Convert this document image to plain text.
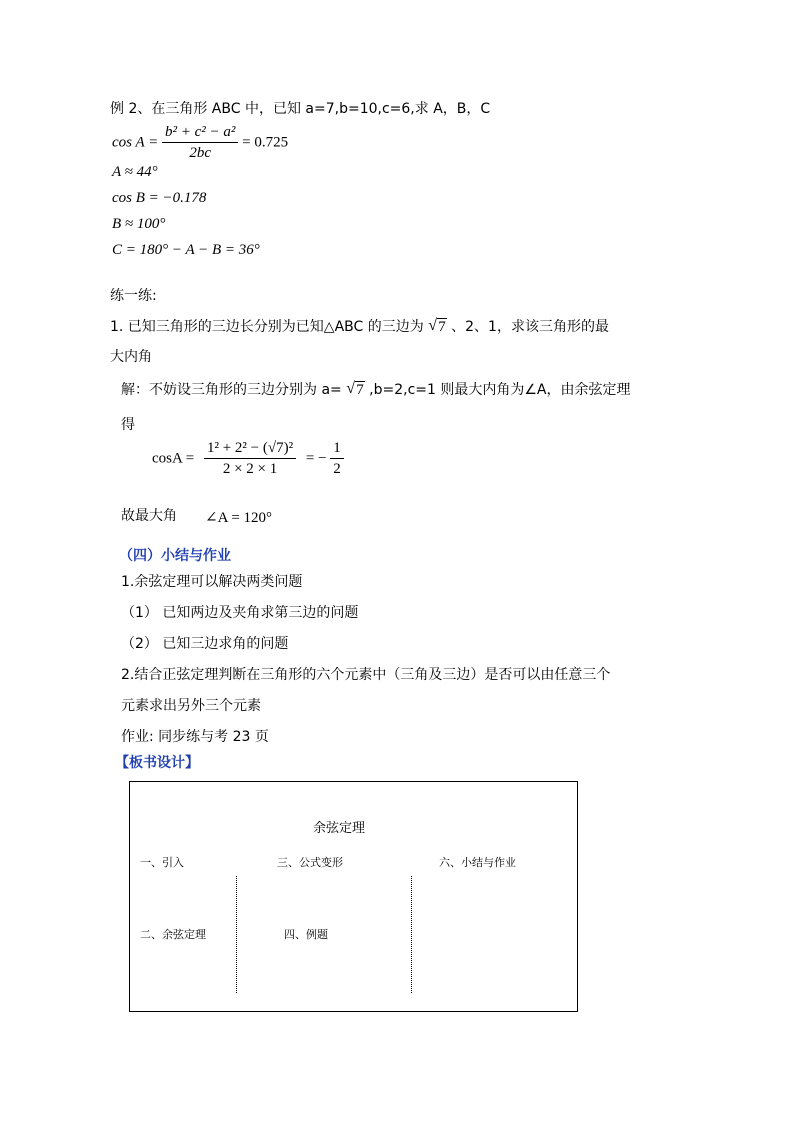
例 2、在三角形 ABC 中，已知 a=7,b=10,c=6,求 A，B，C
$\cos A = \frac{\text{b² + c² − a²}}{2bc} = 0.725$
A ≈ 44°
cos B = −0.178
B ≈ 100°
C = 180° − A − B = 36°
练一练:
1. 已知三角形的三边长分别为已知△ABC 的三边为 √ 7 、2、1，求该三角形的最
大内角
解：不妨设三角形的三边分别为 a= √ 7 ,b=2,c=1 则最大内角为∠A，由余弦定理
得
$\cos A = \frac{\text{1² + 2² − (√7)²}}{2 \times 2 \times 1}$ = − $\frac{1}{2}$
故最大角 ∠A = 120°
（四）小结与作业
1.余弦定理可以解决两类问题
（1） 已知两边及夹角求第三边的问题
（2） 已知三边求角的问题
2.结合正弦定理判断在三角形的六个元素中（三角及三边）是否可以由任意三个
元素求出另外三个元素
作业: 同步练与考 23 页
【板书设计】
余弦定理
一、引入	三、公式变形	六、小结与作业
二、余弦定理	四、例题
